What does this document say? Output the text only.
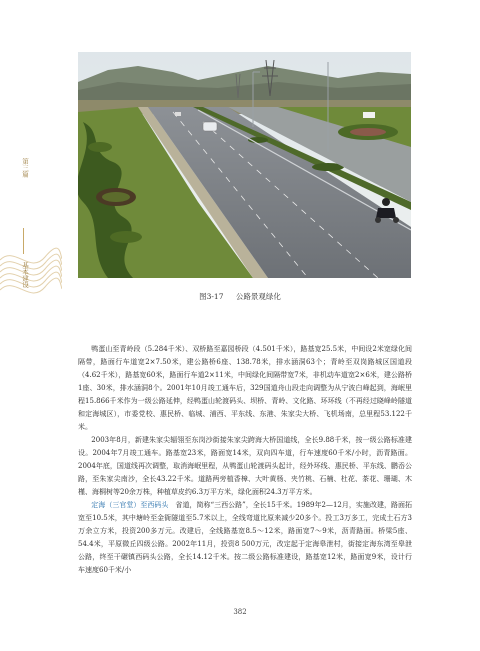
第三篇
基本建设
图3-17 公路景观绿化

鸭蛋山至青岭段（5.284千米）、双桥路至嘉园桥段（4.501千米），路基宽25.5米，中间设2米宽绿化间隔带，路面行车道宽2×7.50米，建公路桥6座、138.78米，排水涵洞63个；青岭至双岗路城区国道段（4.62千米），路基宽60米，路面行车道2×11米，中间绿化间隔带宽7米，非机动车道宽2×6米，建公路桥1座、30米，排水涵洞8个。2001年10月竣工通车后，329国道舟山段走向调整为从宁波白峰起到，海岷里程15.866千米作为一级公路延伸，经鸭蛋山轮渡码头、坝桥、青岭、文化路、环环线（不再经过晓峰岭隧道和定海城区），市委党校、惠民桥、临城、浦西、平东线、东港、朱家尖大桥、飞机场南，总里程53.122千米。

2003年8月，新建朱家尖辐翎至东岗沙街接朱家尖跨海大桥国道线，全长9.88千米，按一级公路标准建设。2004年7月竣工通车。路基宽23米，路面宽14米，双向四车道，行车速度60千米/小时，沥青路面。2004年底，国道线再次调整，取消海岷里程，从鸭蛋山轮渡码头起计，经外环线、惠民桥、平东线、鹏岙公路，至朱家尖南沙，全长43.22千米。道路两旁植香樟、大叶黄杨、夹竹桃、石楠、杜花、茶花、珊瑚、木槿、海桐树等20余万株，种植草皮约6.3万平方米，绿化面积24.3万平方米。

定海（三官堂）至西码头　省道，简称“三西公路”，全长15千米。1989年2—12月，实施改建，路面拓宽至10.5米，其中塘岭至金衙隧道至5.7米以上，全线弯道比原来减少20多个。投工3万多工，完成土石方3万余立方米，投资200多万元。改建后，全线路基宽8.5～12米，路面宽7～9米，沥青路面。桥梁5座、54.4米，平原微丘四级公路。2002年11月，投资8 500万元，改定起于定海皋泄村，街接定海东湾至皋泄公路，终至干碾镇西码头公路，全长14.12千米。按二级公路标准建设，路基宽12米，路面宽9米，设计行车速度60千米/小

382
